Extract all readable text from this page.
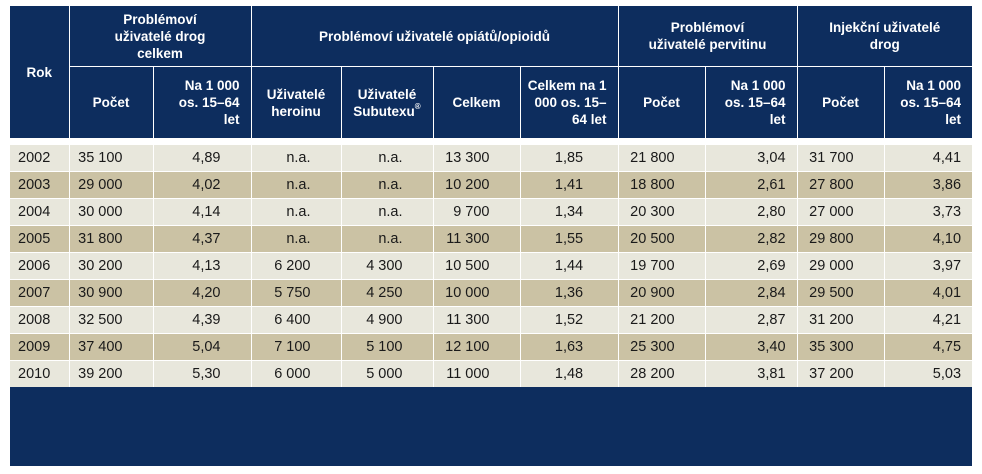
Rok	Problémoví uživatelé drog celkem		Problémoví uživatelé opiátů/opioidů				Problémoví uživatelé pervitinu		Injekční uživatelé drog	

	Počet	Na 1 000 os. 15–64 let	Uživatelé heroinu	Uživatelé Subutexu®	Celkem	Celkem na 1 000 os. 15–64 let	Počet	Na 1 000 os. 15–64 let	Počet	Na 1 000 os. 15–64 let

2002	35 100	4,89	n.a.	n.a.	13 300	1,85	21 800	3,04	31 700	4,41
2003	29 000	4,02	n.a.	n.a.	10 200	1,41	18 800	2,61	27 800	3,86
2004	30 000	4,14	n.a.	n.a.	9 700	1,34	20 300	2,80	27 000	3,73
2005	31 800	4,37	n.a.	n.a.	11 300	1,55	20 500	2,82	29 800	4,10
2006	30 200	4,13	6 200	4 300	10 500	1,44	19 700	2,69	29 000	3,97
2007	30 900	4,20	5 750	4 250	10 000	1,36	20 900	2,84	29 500	4,01
2008	32 500	4,39	6 400	4 900	11 300	1,52	21 200	2,87	31 200	4,21
2009	37 400	5,04	7 100	5 100	12 100	1,63	25 300	3,40	35 300	4,75
2010	39 200	5,30	6 000	5 000	11 000	1,48	28 200	3,81	37 200	5,03
